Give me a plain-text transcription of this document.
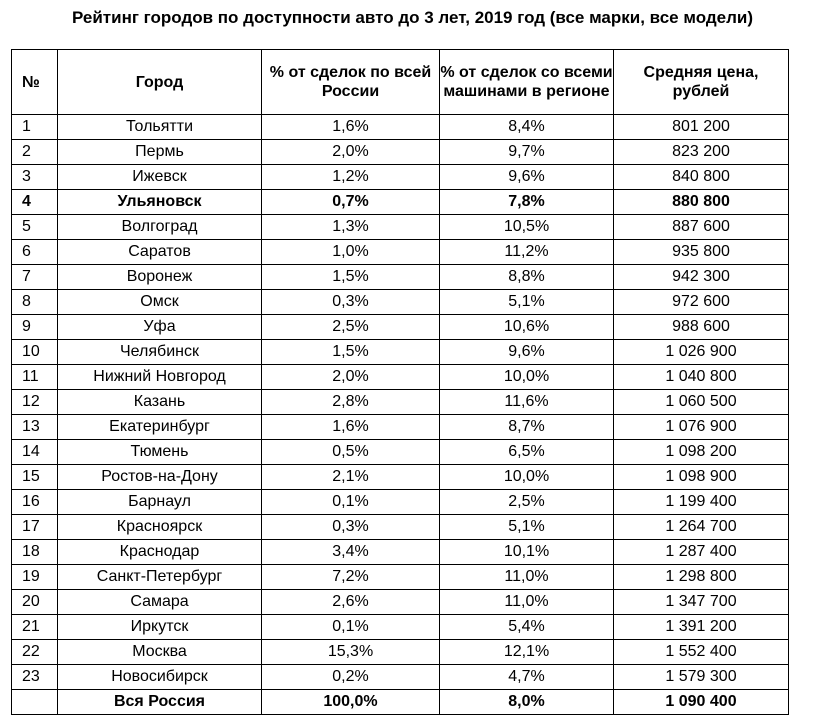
Рейтинг городов по доступности авто до 3 лет, 2019 год (все марки, все модели)
№	Город	% от сделок по всей России	% от сделок со всеми машинами в регионе	Средняя цена, рублей
1	Тольятти	1,6%	8,4%	801 200
2	Пермь	2,0%	9,7%	823 200
3	Ижевск	1,2%	9,6%	840 800
4	Ульяновск	0,7%	7,8%	880 800
5	Волгоград	1,3%	10,5%	887 600
6	Саратов	1,0%	11,2%	935 800
7	Воронеж	1,5%	8,8%	942 300
8	Омск	0,3%	5,1%	972 600
9	Уфа	2,5%	10,6%	988 600
10	Челябинск	1,5%	9,6%	1 026 900
11	Нижний Новгород	2,0%	10,0%	1 040 800
12	Казань	2,8%	11,6%	1 060 500
13	Екатеринбург	1,6%	8,7%	1 076 900
14	Тюмень	0,5%	6,5%	1 098 200
15	Ростов-на-Дону	2,1%	10,0%	1 098 900
16	Барнаул	0,1%	2,5%	1 199 400
17	Красноярск	0,3%	5,1%	1 264 700
18	Краснодар	3,4%	10,1%	1 287 400
19	Санкт-Петербург	7,2%	11,0%	1 298 800
20	Самара	2,6%	11,0%	1 347 700
21	Иркутск	0,1%	5,4%	1 391 200
22	Москва	15,3%	12,1%	1 552 400
23	Новосибирск	0,2%	4,7%	1 579 300
	Вся Россия	100,0%	8,0%	1 090 400
